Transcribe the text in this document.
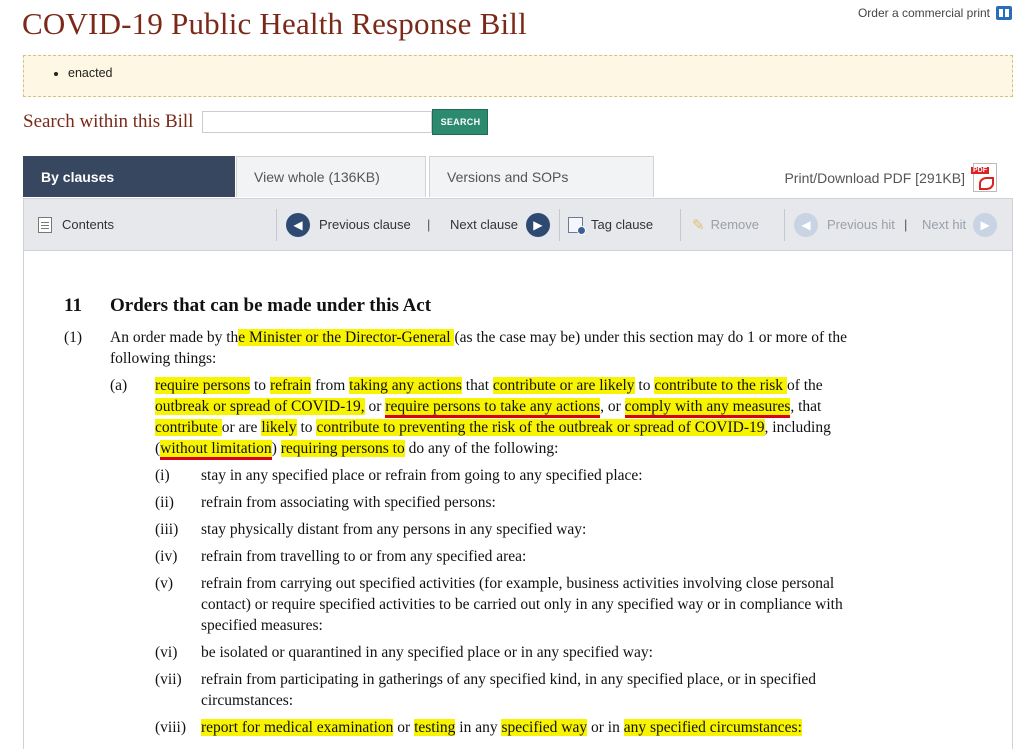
COVID-19 Public Health Response Bill	Order a commercial print
• enacted
Search within this Bill	SEARCH
By clauses	View whole (136KB)	Versions and SOPs	Print/Download PDF [291KB] PDF
Contents	◀	Previous clause | Next clause	▶	Tag clause	✎ Remove	◀	Previous hit | Next hit	▶
11 Orders that can be made under this Act
(1) An order made by the Minister or the Director-General (as the case may be) under this section may do 1 or more of the
following things:
(a) require persons to refrain from taking any actions that contribute or are likely to contribute to the risk of the
outbreak or spread of COVID-19, or require persons to take any actions, or comply with any measures, that
contribute or are likely to contribute to preventing the risk of the outbreak or spread of COVID-19, including
(without limitation) requiring persons to do any of the following:
(i) stay in any specified place or refrain from going to any specified place:
(ii) refrain from associating with specified persons:
(iii) stay physically distant from any persons in any specified way:
(iv) refrain from travelling to or from any specified area:
(v) refrain from carrying out specified activities (for example, business activities involving close personal
contact) or require specified activities to be carried out only in any specified way or in compliance with
specified measures:
(vi) be isolated or quarantined in any specified place or in any specified way:
(vii) refrain from participating in gatherings of any specified kind, in any specified place, or in specified
circumstances:
(viii) report for medical examination or testing in any specified way or in any specified circumstances:
